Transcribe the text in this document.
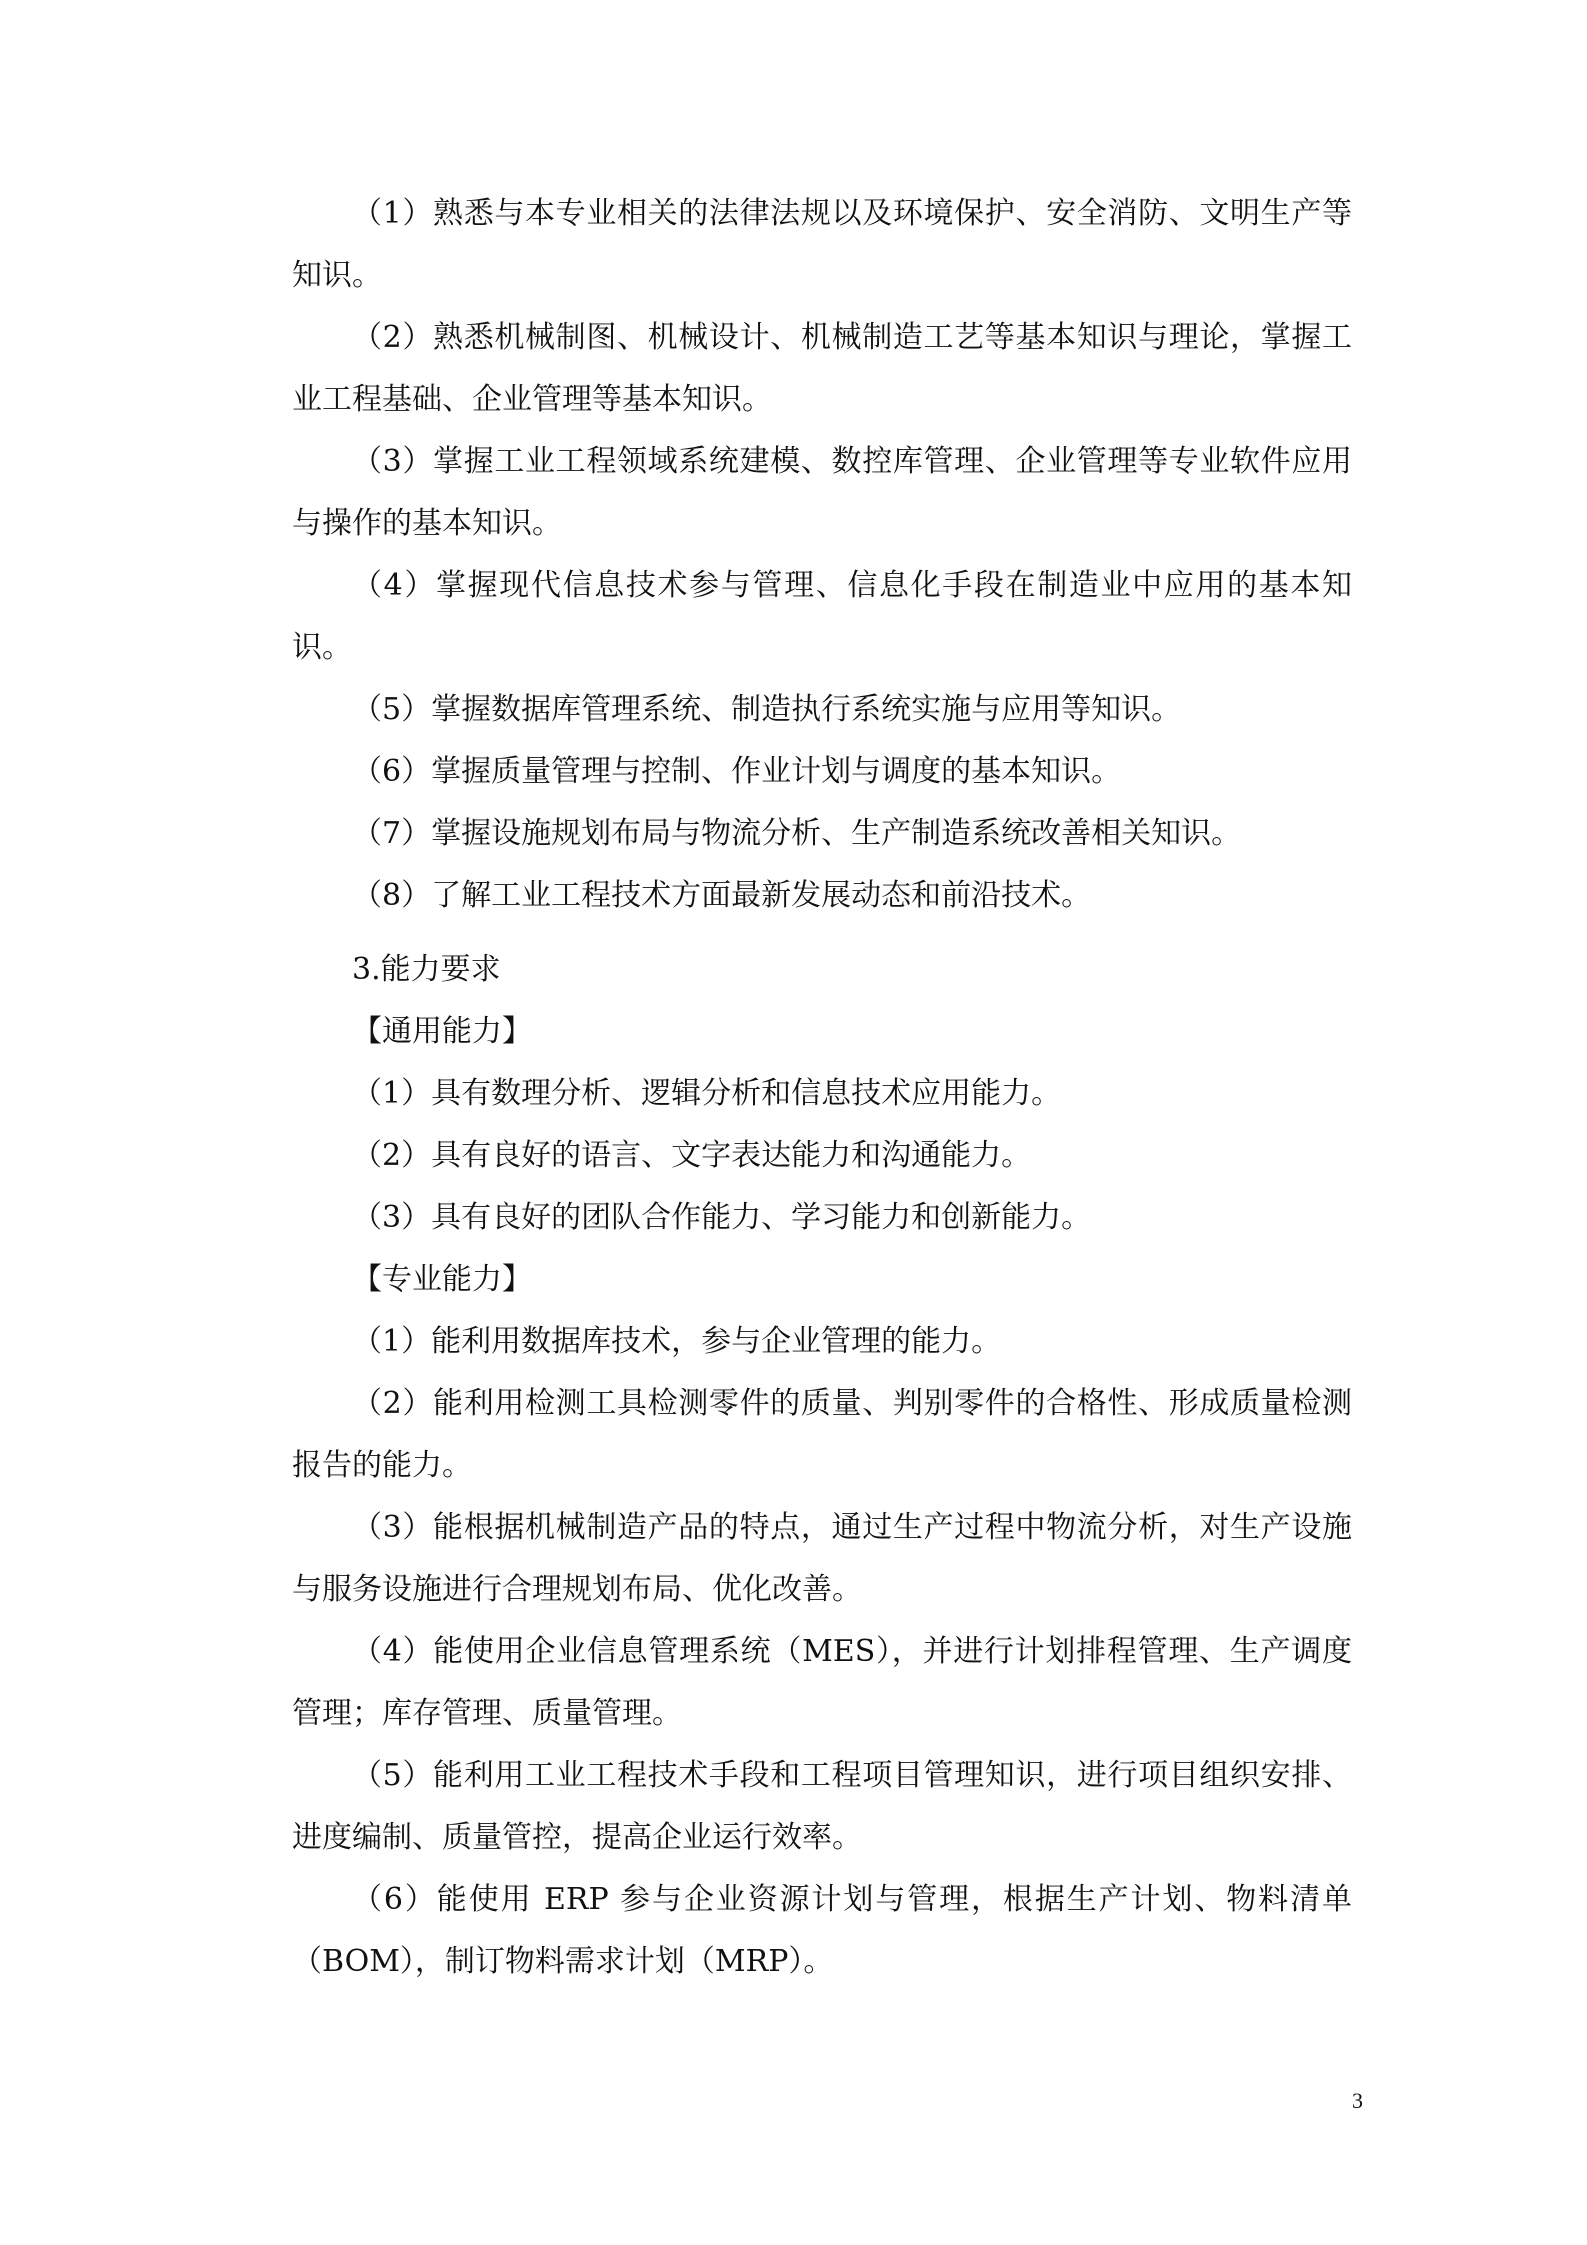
（1）熟悉与本专业相关的法律法规以及环境保护、安全消防、文明生产等知识。

（2）熟悉机械制图、机械设计、机械制造工艺等基本知识与理论，掌握工业工程基础、企业管理等基本知识。

（3）掌握工业工程领域系统建模、数控库管理、企业管理等专业软件应用与操作的基本知识。

（4）掌握现代信息技术参与管理、信息化手段在制造业中应用的基本知识。

（5）掌握数据库管理系统、制造执行系统实施与应用等知识。

（6）掌握质量管理与控制、作业计划与调度的基本知识。

（7）掌握设施规划布局与物流分析、生产制造系统改善相关知识。

（8）了解工业工程技术方面最新发展动态和前沿技术。

3.能力要求

【通用能力】

（1）具有数理分析、逻辑分析和信息技术应用能力。

（2）具有良好的语言、文字表达能力和沟通能力。

（3）具有良好的团队合作能力、学习能力和创新能力。

【专业能力】

（1）能利用数据库技术，参与企业管理的能力。

（2）能利用检测工具检测零件的质量、判别零件的合格性、形成质量检测报告的能力。

（3）能根据机械制造产品的特点，通过生产过程中物流分析，对生产设施与服务设施进行合理规划布局、优化改善。

（4）能使用企业信息管理系统（MES），并进行计划排程管理、生产调度管理；库存管理、质量管理。

（5）能利用工业工程技术手段和工程项目管理知识，进行项目组织安排、进度编制、质量管控，提高企业运行效率。

（6）能使用 ERP 参与企业资源计划与管理，根据生产计划、物料清单（BOM），制订物料需求计划（MRP）。

3
